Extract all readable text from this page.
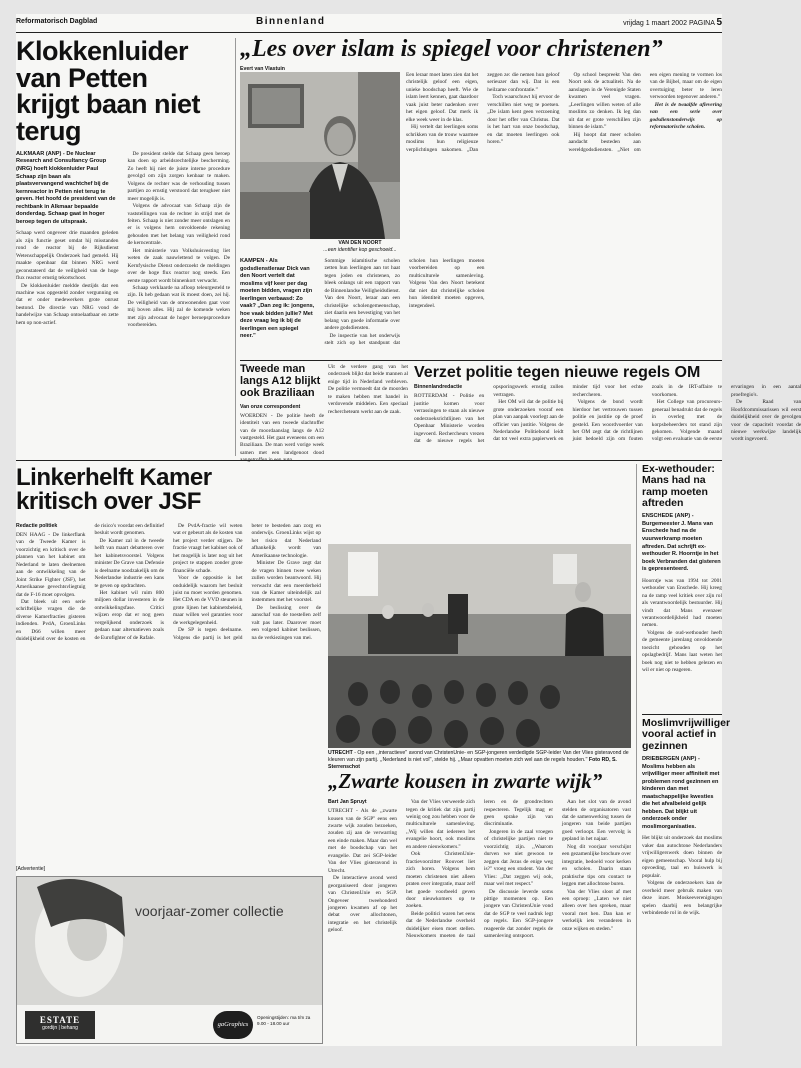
Reformatorisch Dagblad	Binnenland	vrijdag 1 maart 2002 PAGINA 5
Klokkenluider van Petten krijgt baan niet terug

ALKMAAR (ANP) - De Nuclear Research and Consultancy Group (NRG) hoeft klokkenluider Paul Schaap zijn baan als plaatsvervangend wachtchef bij de kernreactor in Petten niet terug te geven. Het hoofd de president van de rechtbank in Alkmaar bepaalde donderdag. Schaap gaat in hoger beroep tegen de uitspraak.

Schaap werd ongeveer drie maanden geleden als zijn functie geset omdat hij misstanden rond de reactor bij de Rijksdienst Wetenschappelijk Onderzoek had gemeld. Hij maakte openbaar dat binnen NRG werd geconstateerd dat de veiligheid van de hoge flux reactor ernstig tekortschoot.

De klokkenluider meldde destijds dat een machine was opgesteld zonder vergunning en dat er onder medewerkers grote onrust bestond. De directie van NRG vond de handelwijze van Schaap ontoelaatbaar en zette hem op non-actief.

De president stelde dat Schaap geen beroep kan doen op arbeidsrechtelijke bescherming. Zo heeft hij niet de juiste interne procedure gevolgd om zijn zorgen kenbaar te maken. Volgens de rechter was de verhouding tussen partijen zo ernstig verstoord dat terugkeer niet meer mogelijk is.

Volgens de advocaat van Schaap zijn de vaststellingen van de rechter in strijd met de feiten. Schaap is niet zonder meer ontslagen en er is volgens hem onvoldoende rekening gehouden met het belang van veiligheid rond de kerncentrale.

Het ministerie van Volkshuisvesting liet weten de zaak nauwlettend te volgen. De Kernfysische Dienst onderzoekt de meldingen over de hoge flux reactor nog steeds. Een eerste rapport wordt binnenkort verwacht.

Schaap verklaarde na afloop teleurgesteld te zijn. Ik heb gedaan wat ik moest doen, zei hij. De veiligheid van de omwonenden gaat voor mij boven alles. Hij zal de komende weken met zijn advocaat de hoger beroepsprocedure voorbereiden.

„Les over islam is spiegel voor christenen”

VAN DEN NOORT

...een identifier kop geschoeid...

Evert van Vlastuin

KAMPEN - Als godsdienstleraar Dick van den Noort vertelt dat moslims vijf keer per dag moeten bidden, vragen zijn leerlingen verbaasd: Zo vaak? „Dan zeg ik: jongens, hoe vaak bidden jullie? Met deze vraag leg ik bij de leerlingen een spiegel neer.”

Sommige islamitische scholen zetten hun leerlingen aan tot haat tegen joden en christenen, zo bleek onlangs uit een rapport van de Binnenlandse Veiligheidsdienst. Van den Noort, leraar aan een christelijke scholengemeenschap, ziet daarin een bevestiging van het belang van goede informatie over andere godsdiensten.

De inspectie van het onderwijs stelt zich op het standpunt dat scholen hun leerlingen moeten voorbereiden op een multiculturele samenleving. Volgens Van den Noort betekent dat niet dat christelijke scholen hun identiteit moeten opgeven, integendeel.

Een leraar moet laten zien dat het christelijk geloof een eigen, unieke boodschap heeft. Wie de islam leert kennen, gaat daardoor vaak juist beter nadenken over het eigen geloof. Dat merk ik elke week weer in de klas.

Hij vertelt dat leerlingen soms schrikken van de trouw waarmee moslims hun religieuze verplichtingen nakomen. „Dan zeggen ze: die nemen hun geloof serieuzer dan wij. Dat is een heilzame confrontatie.”

Toch waarschuwt hij ervoor de verschillen niet weg te poetsen. „De islam kent geen verzoening door het offer van Christus. Dat is het hart van onze boodschap, en dat moeten leerlingen ook horen.”

Op school bespreekt Van den Noort ook de actualiteit. Na de aanslagen in de Verenigde Staten kwamen veel vragen. „Leerlingen willen weten of alle moslims zo denken. Ik leg dan uit dat er grote verschillen zijn binnen de islam.”

Hij hoopt dat meer scholen aandacht besteden aan wereldgodsdiensten. „Niet om een eigen mening te vormen los van de Bijbel, maar om de eigen overtuiging beter te leren verwoorden tegenover anderen.”

Het is de twaalfde aflevering van een serie over godsdienstonderwijs op reformatorische scholen.

Tweede man langs A12 blijkt ook Braziliaan

Van onze correspondent

WOERDEN - De politie heeft de identiteit van een tweede slachtoffer van de moordaanslag langs de A12 vastgesteld. Het gaat eveneens om een Braziliaan. De man werd vorige week samen met een landgenoot dood

Uit de verdere gang van het onderzoek blijkt dat beide mannen al enige tijd in Nederland verbleven. De politie vermoedt dat de moorden te maken hebben met handel in verdovende middelen. Een speciaal rechercheteam werkt aan de zaak.

Verzet politie tegen nieuwe regels OM

Binnenlandredactie

ROTTERDAM - Politie en justitie komen voor verrassingen te staan als nieuwe onderzoeksrichtlijnen van het Openbaar Ministerie worden ingevoerd. Rechercheurs vrezen dat de nieuwe regels het opsporingswerk ernstig zullen vertragen.

Het OM wil dat de politie bij grote onderzoeken vooraf een plan van aanpak voorlegt aan de officier van justitie. Volgens de Nederlandse Politiebond leidt dat tot veel extra papierwerk en minder tijd voor het echte rechercheren.

Volgens de bond wordt hierdoor het vertrouwen tussen politie en justitie op de proef gesteld. Een woordvoerder van het OM zegt dat de richtlijnen juist bedoeld zijn om fouten zoals in de IRT-affaire te voorkomen.

Het College van procureurs-generaal benadrukt dat de regels in overleg met de korpsbeheerders tot stand zijn gekomen. Volgende maand volgt een evaluatie van de eerste ervaringen in een aantal proefregio's.

De Raad van Hoofdcommissarissen wil eerst duidelijkheid over de gevolgen voor de capaciteit voordat de nieuwe werkwijze landelijk wordt ingevoerd.

Ex-wethouder: Mans had na ramp moeten aftreden

ENSCHEDE (ANP) - Burgemeester J. Mans van Enschede had na de vuurwerkramp moeten aftreden. Dat schrijft ex-wethouder R. Hoorntje in het boek Verbranden dat gisteren is gepresenteerd.

Hoorntje was van 1994 tot 2001 wethouder van Enschede. Hij kreeg na de ramp veel kritiek over zijn rol als verantwoordelijk bestuurder. Hij vindt dat Mans evenzeer verantwoordelijkheid had moeten nemen.

Volgens de oud-wethouder heeft de gemeente jarenlang onvoldoende toezicht gehouden op het opslagbedrijf. Mans laat weten het boek nog niet te hebben gelezen en wil er niet op reageren.

Moslimvrijwilliger vooral actief in gezinnen

DRIEBERGEN (ANP) - Moslims hebben als vrijwilliger meer affiniteit met problemen rond gezinnen en kinderen dan met maatschappelijke kwesties die het afvalbeleid gelijk hebben. Dat blijkt uit onderzoek onder moslimorganisaties.

Het blijkt uit onderzoek dat moslims vaker dan autochtone Nederlanders vrijwilligerswerk doen binnen de eigen gemeenschap. Vooral hulp bij opvoeding, taal en huiswerk is populair.

Volgens de onderzoekers kan de overheid meer gebruik maken van deze inzet. Moskeeverenigingen spelen daarbij een belangrijke verbindende rol in de wijk.

Linkerhelft Kamer kritisch over JSF

Redactie politiek

DEN HAAG - De linkerflank van de Tweede Kamer is voorzichtig en kritisch over de plannen van het kabinet om Nederland te laten deelnemen aan de ontwikkeling van de Joint Strike Fighter (JSF), het Amerikaanse gevechtsvliegtuig dat de F-16 moet opvolgen.

Dat bleek uit een serie schriftelijke vragen die de diverse Kamerfracties gisteren indienden. PvdA, GroenLinks en D66 willen meer duidelijkheid over de kosten en de risico's voordat een definitief besluit wordt genomen.

De Kamer zal in de tweede helft van maart debatteren over het kabinetsvoorstel. Volgens minister De Grave van Defensie is deelname noodzakelijk om de Nederlandse industrie een kans te geven op opdrachten.

Het kabinet wil ruim 800 miljoen dollar investeren in de ontwikkelingsfase. Critici wijzen erop dat er nog geen vergelijkend onderzoek is gedaan naar alternatieven zoals de Eurofighter of de Rafale.

De PvdA-fractie wil weten wat er gebeurt als de kosten van het project verder stijgen. De fractie vraagt het kabinet ook of het mogelijk is later nog uit het project te stappen zonder grote financiële schade.

Voor de oppositie is het onduidelijk waarom het besluit juist nu moet worden genomen. Het CDA en de VVD steunen in grote lijnen het kabinetsbeleid, maar willen wel garanties voor de werkgelegenheid.

De SP is tegen deelname. Volgens die partij is het geld beter te besteden aan zorg en onderwijs. GroenLinks wijst op het risico dat Nederland afhankelijk wordt van Amerikaanse technologie.

Minister De Grave zegt dat de vragen binnen twee weken zullen worden beantwoord. Hij verwacht dat een meerderheid van de Kamer uiteindelijk zal instemmen met het voorstel.

De beslissing over de aanschaf van de toestellen zelf valt pas later. Daarover moet een volgend kabinet beslissen, na de verkiezingen van mei.

UTRECHT - Op een ,,interactieve'' avond van ChristenUnie- en SGP-jongeren verdedigde SGP-leider Van der Vlies gisteravond de kleuren van zijn partij. ,,Nederland is niet vol'', stelde hij. ,,Maar opvatten moeten zich wel aan de regels houden.'' Foto RD, S. Sterrenschot

„Zwarte kousen in zwarte wijk”

Bart Jan Spruyt

UTRECHT - Als de ,,zwarte kousen van de SGP'' eens een zwarte wijk zouden bezoeken, zouden zij aan de verwarring een einde maken. Maar dan wel met de boodschap van het evangelie. Dat zei SGP-leider Van der Vlies gisteravond in Utrecht.

De interactieve avond werd georganiseerd door jongeren van ChristenUnie en SGP. Ongeveer tweehonderd jongeren kwamen af op het debat over allochtonen, integratie en het christelijk geloof.

Van der Vlies verweerde zich tegen de kritiek dat zijn partij weinig oog zou hebben voor de multiculturele samenleving. ,,Wij willen dat iedereen het evangelie hoort, ook moslims en andere nieuwkomers.''

Ook ChristenUnie-fractievoorzitter Rouvoet liet zich horen. Volgens hem moeten christenen niet alleen praten over integratie, maar zelf het goede voorbeeld geven door nieuwkomers op te zoeken.

Beide politici waren het eens dat de Nederlandse overheid duidelijker eisen moet stellen. Nieuwkomers moeten de taal leren en de grondrechten respecteren. Tegelijk mag er geen sprake zijn van discriminatie.

Jongeren in de zaal vroegen of christelijke partijen niet te voorzichtig zijn. ,,Waarom durven we niet gewoon te zeggen dat Jezus de enige weg is?'' vroeg een student. Van der Vlies: ,,Dat zeggen wij ook, maar wel met respect.''

De discussie leverde soms pittige momenten op. Een jongere van ChristenUnie vond dat de SGP te veel nadruk legt op regels. Een SGP-jongere reageerde dat zonder regels de samenleving ontspoort.

Aan het slot van de avond stelden de organisatoren vast dat de samenwerking tussen de jongeren van beide partijen goed verloopt. Een vervolg is gepland in het najaar.

Nog dit voorjaar verschijnt een gezamenlijke brochure over integratie, bedoeld voor kerken en scholen. Daarin staan praktische tips om contact te leggen met allochtone buren.

Van der Vlies sloot af met een oproep: ,,Laten we niet alleen over hen spreken, maar vooral met hen. Dan kan er werkelijk iets veranderen in onze wijken en steden.''

[Advertentie]

voorjaar-zomer collectie
ESTATE
gordijn | behang	gaGraphics

Openingstijden: ma t/m za 9.00 - 18.00 uur
